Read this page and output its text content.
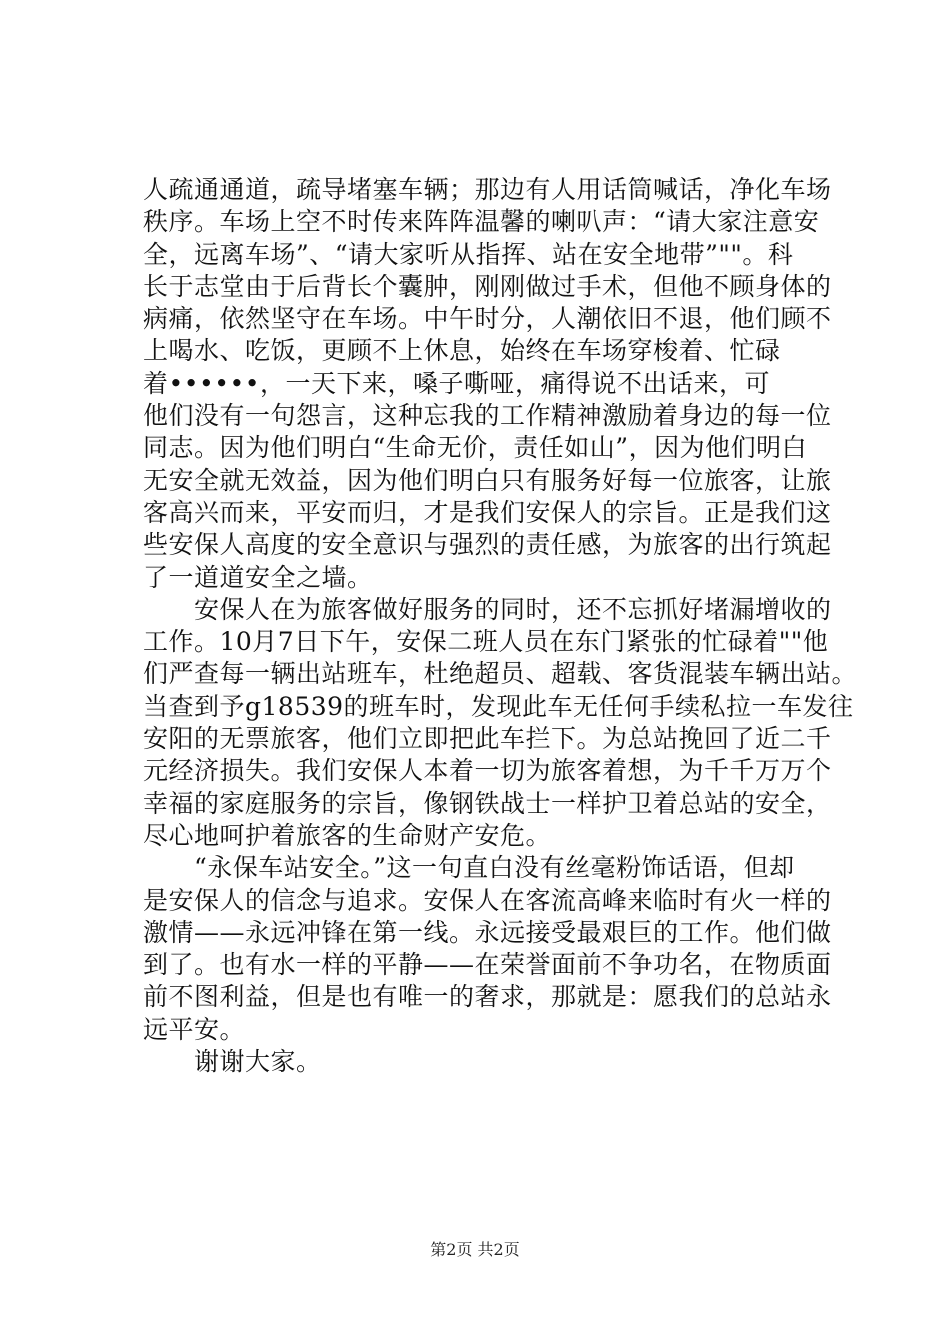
人疏通通道，疏导堵塞车辆；那边有人用话筒喊话，净化车场
秩序。车场上空不时传来阵阵温馨的喇叭声：“请大家注意安
全，远离车场”、“请大家听从指挥、站在安全地带”""。科
长于志堂由于后背长个囊肿，刚刚做过手术，但他不顾身体的
病痛，依然坚守在车场。中午时分，人潮依旧不退，他们顾不
上喝水、吃饭，更顾不上休息，始终在车场穿梭着、忙碌
着••••••，一天下来，嗓子嘶哑，痛得说不出话来，可
他们没有一句怨言，这种忘我的工作精神激励着身边的每一位
同志。因为他们明白“生命无价，责任如山”，因为他们明白
无安全就无效益，因为他们明白只有服务好每一位旅客，让旅
客高兴而来，平安而归，才是我们安保人的宗旨。正是我们这
些安保人高度的安全意识与强烈的责任感，为旅客的出行筑起
了一道道安全之墙。
　　安保人在为旅客做好服务的同时，还不忘抓好堵漏增收的
工作。10月7日下午，安保二班人员在东门紧张的忙碌着""他
们严查每一辆出站班车，杜绝超员、超载、客货混装车辆出站。
当查到予g18539的班车时，发现此车无任何手续私拉一车发往
安阳的无票旅客，他们立即把此车拦下。为总站挽回了近二千
元经济损失。我们安保人本着一切为旅客着想，为千千万万个
幸福的家庭服务的宗旨，像钢铁战士一样护卫着总站的安全，
尽心地呵护着旅客的生命财产安危。
　　“永保车站安全。”这一句直白没有丝毫粉饰话语，但却
是安保人的信念与追求。安保人在客流高峰来临时有火一样的
激情——永远冲锋在第一线。永远接受最艰巨的工作。他们做
到了。也有水一样的平静——在荣誉面前不争功名，在物质面
前不图利益，但是也有唯一的奢求，那就是：愿我们的总站永
远平安。
　　谢谢大家。
第2页 共2页
